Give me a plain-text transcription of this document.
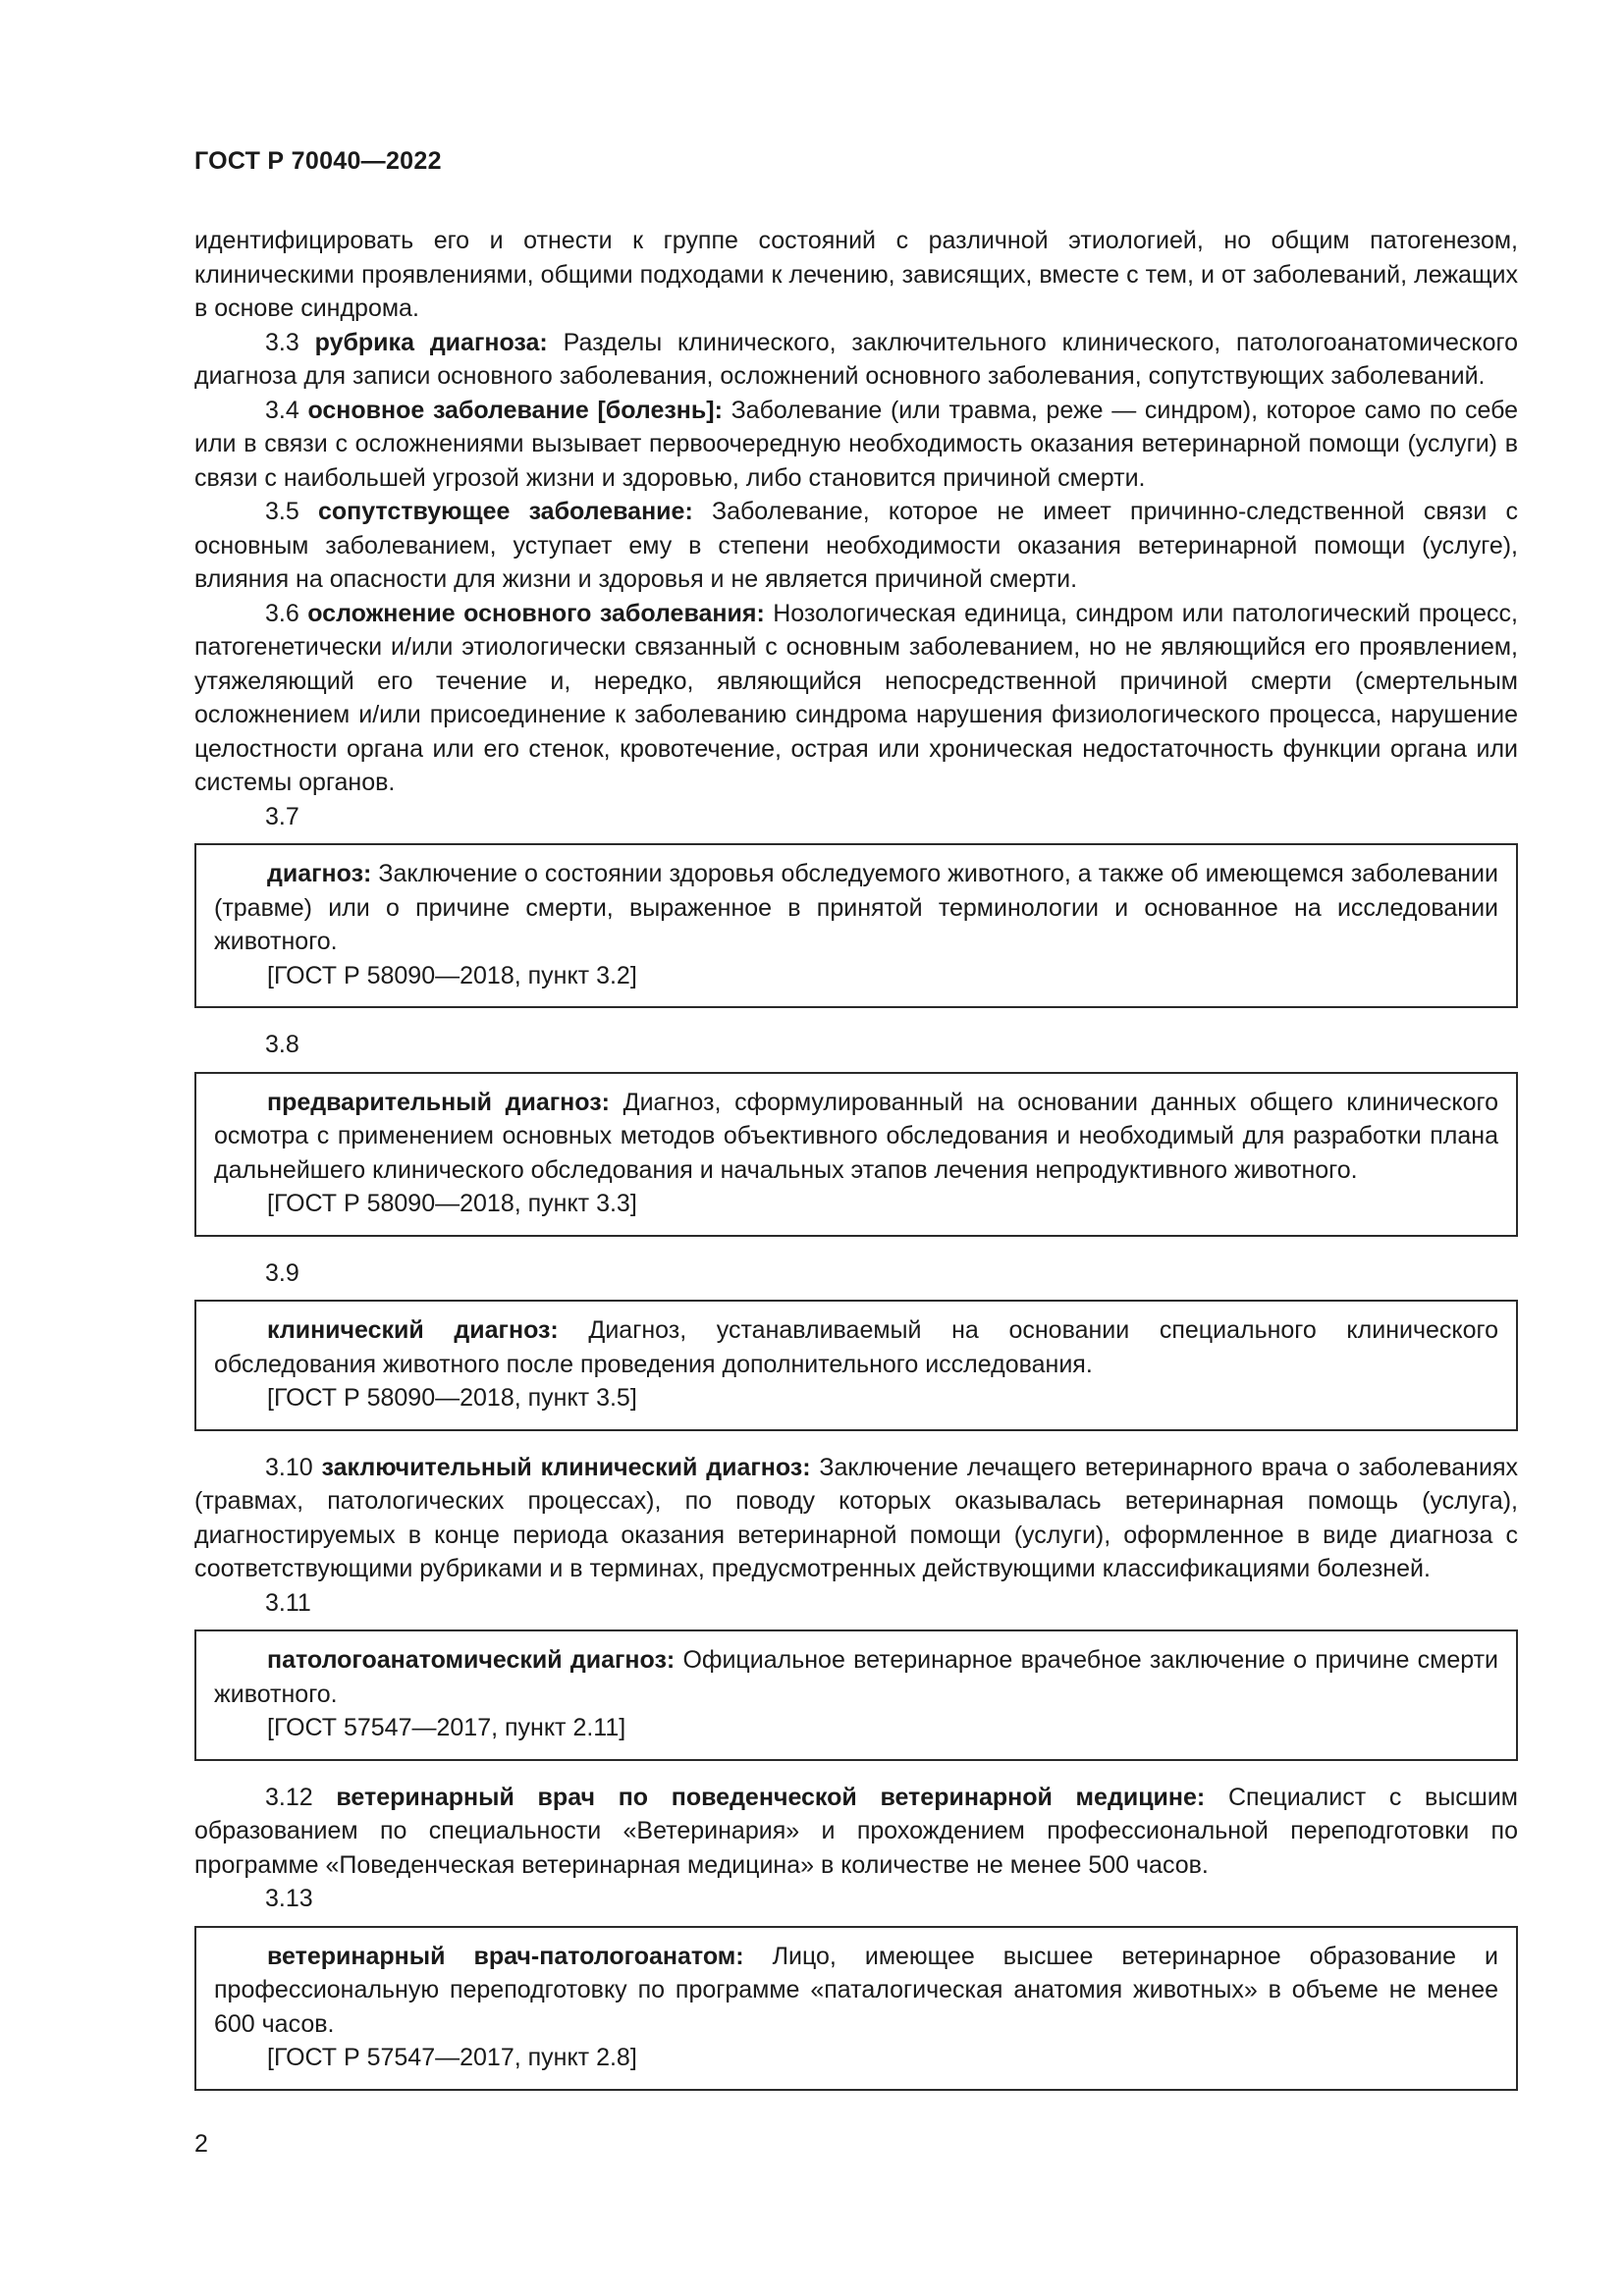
ГОСТ Р 70040—2022

идентифицировать его и отнести к группе состояний с различной этиологией, но общим патогенезом, клиническими проявлениями, общими подходами к лечению, зависящих, вместе с тем, и от заболеваний, лежащих в основе синдрома.

3.3 рубрика диагноза: Разделы клинического, заключительного клинического, патологоанатомического диагноза для записи основного заболевания, осложнений основного заболевания, сопутствующих заболеваний.

3.4 основное заболевание [болезнь]: Заболевание (или травма, реже — синдром), которое само по себе или в связи с осложнениями вызывает первоочередную необходимость оказания ветеринарной помощи (услуги) в связи с наибольшей угрозой жизни и здоровью, либо становится причиной смерти.

3.5 сопутствующее заболевание: Заболевание, которое не имеет причинно-следственной связи с основным заболеванием, уступает ему в степени необходимости оказания ветеринарной помощи (услуге), влияния на опасности для жизни и здоровья и не является причиной смерти.

3.6 осложнение основного заболевания: Нозологическая единица, синдром или патологический процесс, патогенетически и/или этиологически связанный с основным заболеванием, но не являющийся его проявлением, утяжеляющий его течение и, нередко, являющийся непосредственной причиной смерти (смертельным осложнением и/или присоединение к заболеванию синдрома нарушения физиологического процесса, нарушение целостности органа или его стенок, кровотечение, острая или хроническая недостаточность функции органа или системы органов.

3.7

диагноз: Заключение о состоянии здоровья обследуемого животного, а также об имеющемся заболевании (травме) или о причине смерти, выраженное в принятой терминологии и основанное на исследовании животного.

[ГОСТ Р 58090—2018, пункт 3.2]

3.8

предварительный диагноз: Диагноз, сформулированный на основании данных общего клинического осмотра с применением основных методов объективного обследования и необходимый для разработки плана дальнейшего клинического обследования и начальных этапов лечения непродуктивного животного.

[ГОСТ Р 58090—2018, пункт 3.3]

3.9

клинический диагноз: Диагноз, устанавливаемый на основании специального клинического обследования животного после проведения дополнительного исследования.

[ГОСТ Р 58090—2018, пункт 3.5]

3.10 заключительный клинический диагноз: Заключение лечащего ветеринарного врача о заболеваниях (травмах, патологических процессах), по поводу которых оказывалась ветеринарная помощь (услуга), диагностируемых в конце периода оказания ветеринарной помощи (услуги), оформленное в виде диагноза с соответствующими рубриками и в терминах, предусмотренных действующими классификациями болезней.

3.11

патологоанатомический диагноз: Официальное ветеринарное врачебное заключение о причине смерти животного.

[ГОСТ 57547—2017, пункт 2.11]

3.12 ветеринарный врач по поведенческой ветеринарной медицине: Специалист с высшим образованием по специальности «Ветеринария» и прохождением профессиональной переподготовки по программе «Поведенческая ветеринарная медицина» в количестве не менее 500 часов.

3.13

ветеринарный врач-патологоанатом: Лицо, имеющее высшее ветеринарное образование и профессиональную переподготовку по программе «паталогическая анатомия животных» в объеме не менее 600 часов.

[ГОСТ Р 57547—2017, пункт 2.8]

2
